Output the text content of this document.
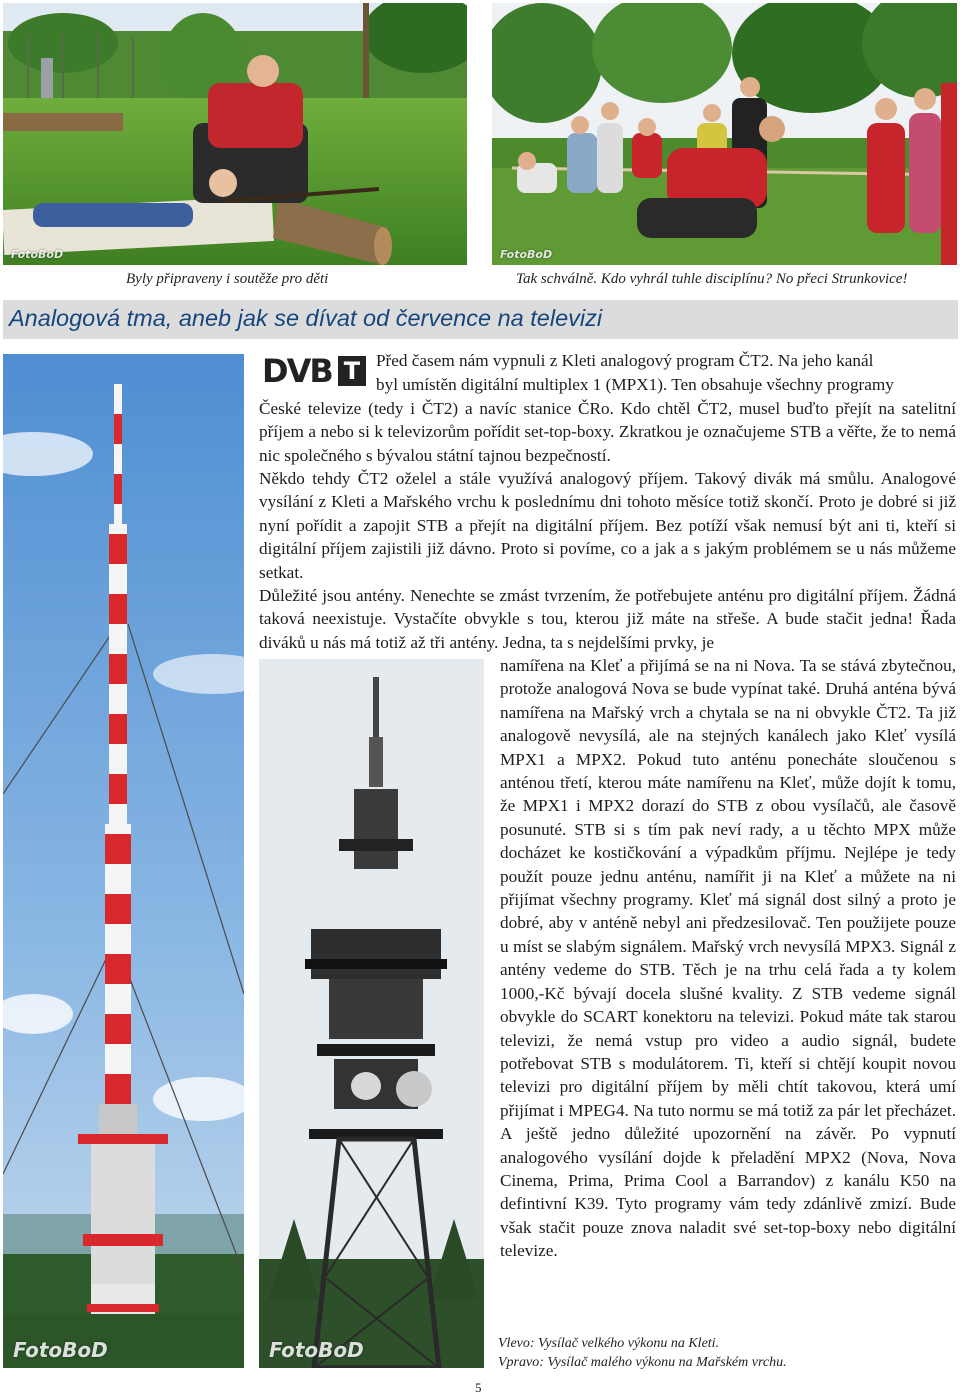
FotoBoD	FotoBoD
Byly připraveny i soutěže pro děti	Tak schválně. Kdo vyhrál tuhle disciplínu? No přeci Strunkovice!
Analogová tma, aneb jak se dívat od července na televizi
FotoBoD
DVB T Před časem nám vypnuli z Kleti analogový program ČT2. Na jeho kanál
byl umístěn digitální multiplex 1 (MPX1). Ten obsahuje všechny programy

České televize (tedy i ČT2) a navíc stanice ČRo. Kdo chtěl ČT2, musel buďto přejít na satelitní příjem a nebo si k televizorům pořídit set-top-boxy. Zkratkou je označujeme STB a věřte, že to nemá nic společného s bývalou státní tajnou bezpečností.

Někdo tehdy ČT2 oželel a stále využívá analogový příjem. Takový divák má smůlu. Analogové vysílání z Kleti a Mařského vrchu k poslednímu dni tohoto měsíce totiž skončí. Proto je dobré si již nyní pořídit a zapojit STB a přejít na digitální příjem. Bez potíží však nemusí být ani ti, kteří si digitální příjem zajistili již dávno. Proto si povíme, co a jak a s jakým problémem se u nás můžeme setkat.

Důležité jsou antény. Nenechte se zmást tvrzením, že potřebujete anténu pro digitální příjem. Žádná taková neexistuje. Vystačíte obvykle s tou, kterou již máte na střeše. A bude stačit jedna! Řada diváků u nás má totiž až tři antény. Jedna, ta s nejdelšími prvky, je

FotoBoD

namířena na Kleť a přijímá se na ni Nova. Ta se stává zbytečnou, protože analogová Nova se bude vypínat také. Druhá anténa bývá namířena na Mařský vrch a chytala se na ni obvykle ČT2. Ta již analogově nevysílá, ale na stejných kanálech jako Kleť vysílá MPX1 a MPX2. Pokud tuto anténu ponecháte sloučenou s anténou třetí, kterou máte namířenu na Kleť, může dojít k tomu, že MPX1 i MPX2 dorazí do STB z obou vysílačů, ale časově posunuté. STB si s tím pak neví rady, a u těchto MPX může docházet ke kostičkování a výpadkům příjmu. Nejlépe je tedy použít pouze jednu anténu, namířit ji na Kleť a můžete na ni přijímat všechny programy. Kleť má signál dost silný a proto je dobré, aby v anténě nebyl ani předzesilovač. Ten použijete pouze u míst se slabým signálem. Mařský vrch nevysílá MPX3. Signál z antény vedeme do STB. Těch je na trhu celá řada a ty kolem 1000,-Kč bývají docela slušné kvality. Z STB vedeme signál obvykle do SCART konektoru na televizi. Pokud máte tak starou televizi, že nemá vstup pro video a audio signál, budete potřebovat STB s modulátorem. Ti, kteří si chtějí koupit novou televizi pro digitální příjem by měli chtít takovou, která umí přijímat i MPEG4. Na tuto normu se má totiž za pár let přecházet. A ještě jedno důležité upozornění na závěr. Po vypnutí analogového vysílání dojde k přeladění MPX2 (Nova, Nova Cinema, Prima, Prima Cool a Barrandov) z kanálu K50 na defintivní K39. Tyto programy vám tedy zdánlivě zmizí. Bude však stačit pouze znova naladit své set-top-boxy nebo digitální televize.

Vlevo: Vysílač velkého výkonu na Kleti.
Vpravo: Vysílač malého výkonu na Mařském vrchu.
5
